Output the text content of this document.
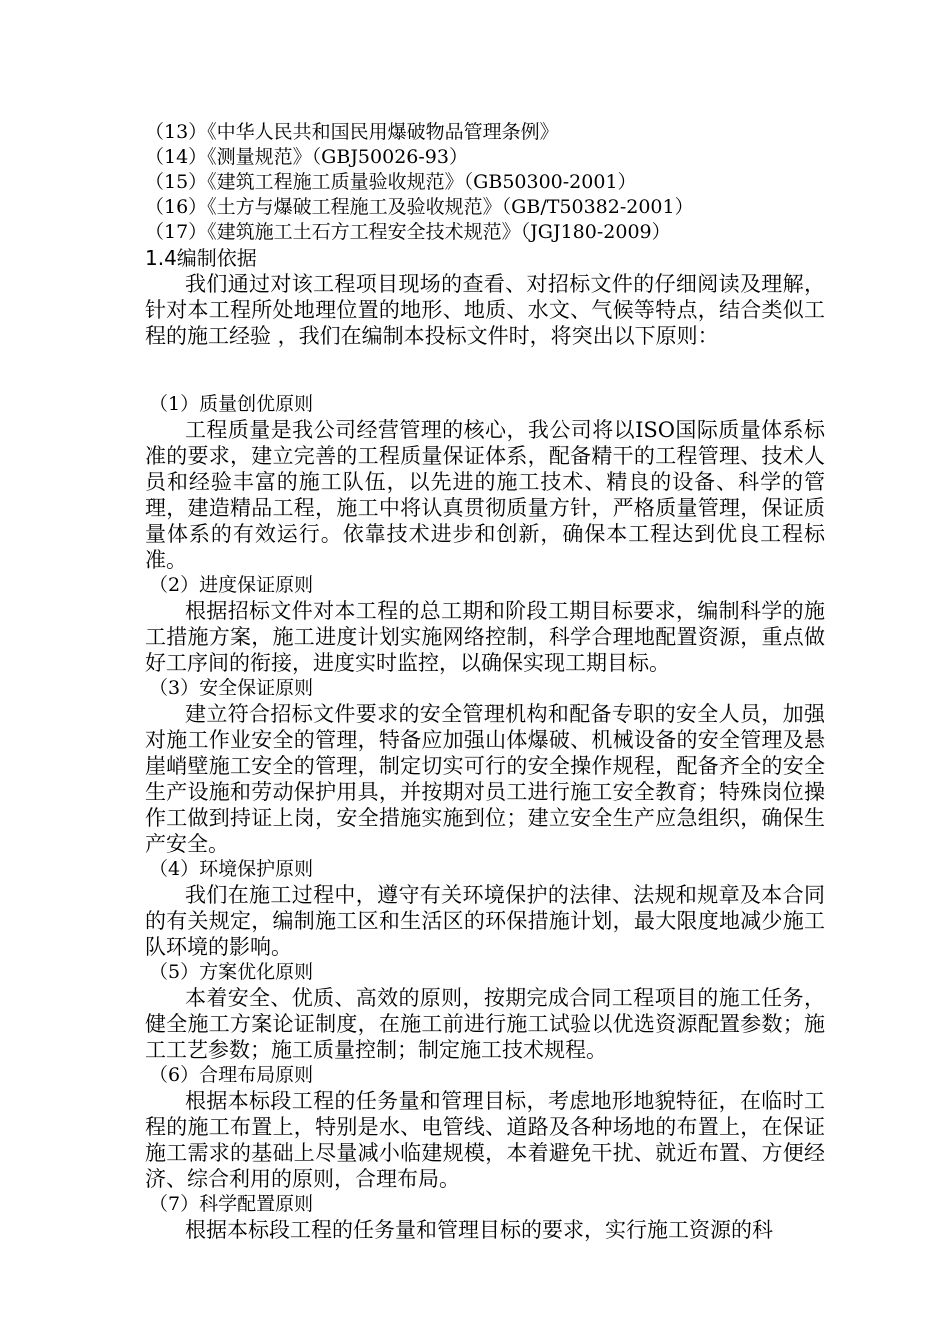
（13）《中华人民共和国民用爆破物品管理条例》
（14）《测量规范》（GBJ50026-93）
（15）《建筑工程施工质量验收规范》（GB50300-2001）
（16）《土方与爆破工程施工及验收规范》（GB/T50382-2001）
（17）《建筑施工土石方工程安全技术规范》（JGJ180-2009）
1.4编制依据

我们通过对该工程项目现场的查看、对招标文件的仔细阅读及理解，针对本工程所处地理位置的地形、地质、水文、气候等特点，结合类似工程的施工经验 ，我们在编制本投标文件时，将突出以下原则：

（1）质量创优原则

工程质量是我公司经营管理的核心，我公司将以ISO国际质量体系标准的要求，建立完善的工程质量保证体系，配备精干的工程管理、技术人员和经验丰富的施工队伍，以先进的施工技术、精良的设备、科学的管理，建造精品工程，施工中将认真贯彻质量方针，严格质量管理，保证质量体系的有效运行。依靠技术进步和创新，确保本工程达到优良工程标准。

（2）进度保证原则

根据招标文件对本工程的总工期和阶段工期目标要求，编制科学的施工措施方案，施工进度计划实施网络控制，科学合理地配置资源，重点做好工序间的衔接，进度实时监控，以确保实现工期目标。

（3）安全保证原则

建立符合招标文件要求的安全管理机构和配备专职的安全人员，加强对施工作业安全的管理，特备应加强山体爆破、机械设备的安全管理及悬崖峭壁施工安全的管理，制定切实可行的安全操作规程，配备齐全的安全生产设施和劳动保护用具，并按期对员工进行施工安全教育；特殊岗位操作工做到持证上岗，安全措施实施到位；建立安全生产应急组织，确保生产安全。

（4）环境保护原则

我们在施工过程中，遵守有关环境保护的法律、法规和规章及本合同的有关规定，编制施工区和生活区的环保措施计划，最大限度地减少施工队环境的影响。

（5）方案优化原则

本着安全、优质、高效的原则，按期完成合同工程项目的施工任务，健全施工方案论证制度，在施工前进行施工试验以优选资源配置参数；施工工艺参数；施工质量控制；制定施工技术规程。

（6）合理布局原则

根据本标段工程的任务量和管理目标，考虑地形地貌特征，在临时工程的施工布置上，特别是水、电管线、道路及各种场地的布置上，在保证施工需求的基础上尽量减小临建规模，本着避免干扰、就近布置、方便经济、综合利用的原则，合理布局。

（7）科学配置原则

根据本标段工程的任务量和管理目标的要求，实行施工资源的科
